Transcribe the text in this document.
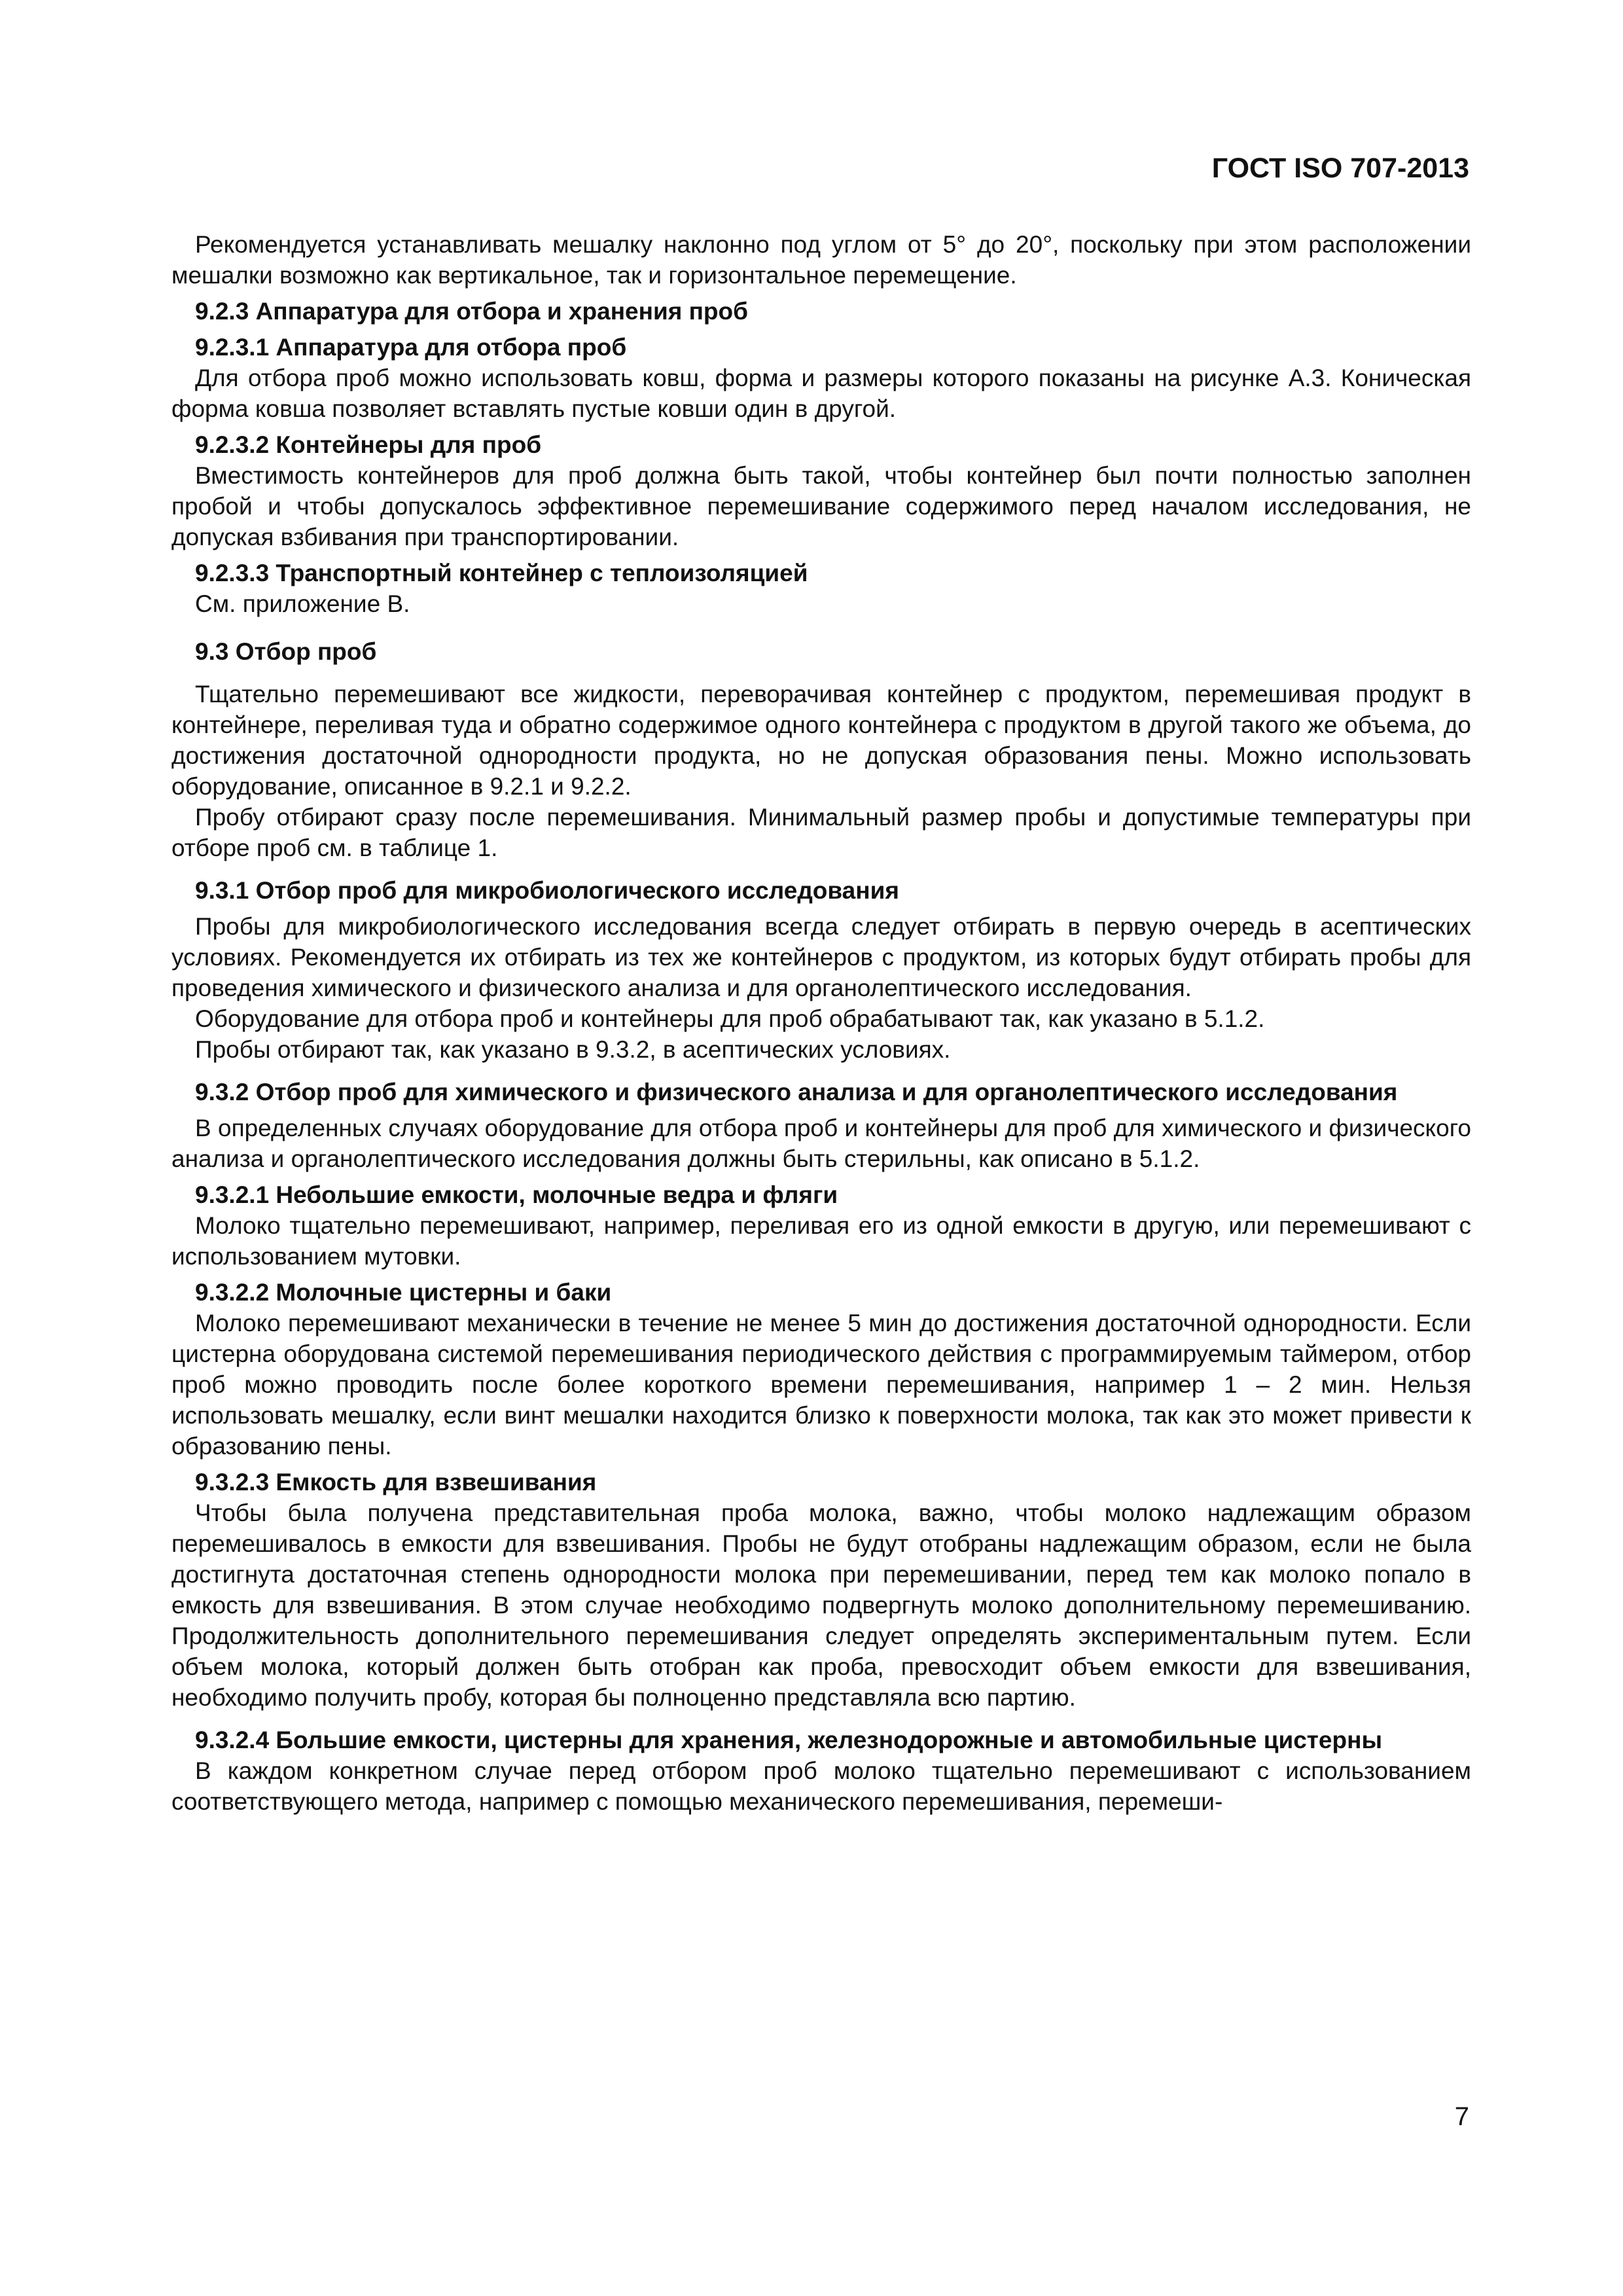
ГОСТ ISO 707-2013

Рекомендуется устанавливать мешалку наклонно под углом от 5° до 20°, поскольку при этом расположении мешалки возможно как вертикальное, так и горизонтальное перемещение.

9.2.3 Аппаратура для отбора и хранения проб

9.2.3.1 Аппаратура для отбора проб

Для отбора проб можно использовать ковш, форма и размеры которого показаны на рисунке А.3. Коническая форма ковша позволяет вставлять пустые ковши один в другой.

9.2.3.2 Контейнеры для проб

Вместимость контейнеров для проб должна быть такой, чтобы контейнер был почти полностью заполнен пробой и чтобы допускалось эффективное перемешивание содержимого перед началом исследования, не допуская взбивания при транспортировании.

9.2.3.3 Транспортный контейнер с теплоизоляцией

См. приложение В.

9.3 Отбор проб

Тщательно перемешивают все жидкости, переворачивая контейнер с продуктом, перемешивая продукт в контейнере, переливая туда и обратно содержимое одного контейнера с продуктом в другой такого же объема, до достижения достаточной однородности продукта, но не допуская образования пены. Можно использовать оборудование, описанное в 9.2.1 и 9.2.2.

Пробу отбирают сразу после перемешивания. Минимальный размер пробы и допустимые температуры при отборе проб см. в таблице 1.

9.3.1 Отбор проб для микробиологического исследования

Пробы для микробиологического исследования всегда следует отбирать в первую очередь в асептических условиях. Рекомендуется их отбирать из тех же контейнеров с продуктом, из которых будут отбирать пробы для проведения химического и физического анализа и для органолептического исследования.

Оборудование для отбора проб и контейнеры для проб обрабатывают так, как указано в 5.1.2.

Пробы отбирают так, как указано в 9.3.2, в асептических условиях.

9.3.2 Отбор проб для химического и физического анализа и для органолептического исследования

В определенных случаях оборудование для отбора проб и контейнеры для проб для химического и физического анализа и органолептического исследования должны быть стерильны, как описано в 5.1.2.

9.3.2.1 Небольшие емкости, молочные ведра и фляги

Молоко тщательно перемешивают, например, переливая его из одной емкости в другую, или перемешивают с использованием мутовки.

9.3.2.2 Молочные цистерны и баки

Молоко перемешивают механически в течение не менее 5 мин до достижения достаточной однородности. Если цистерна оборудована системой перемешивания периодического действия с программируемым таймером, отбор проб можно проводить после более короткого времени перемешивания, например 1 – 2 мин. Нельзя использовать мешалку, если винт мешалки находится близко к поверхности молока, так как это может привести к образованию пены.

9.3.2.3 Емкость для взвешивания

Чтобы была получена представительная проба молока, важно, чтобы молоко надлежащим образом перемешивалось в емкости для взвешивания. Пробы не будут отобраны надлежащим образом, если не была достигнута достаточная степень однородности молока при перемешивании, перед тем как молоко попало в емкость для взвешивания. В этом случае необходимо подвергнуть молоко дополнительному перемешиванию. Продолжительность дополнительного перемешивания следует определять экспериментальным путем. Если объем молока, который должен быть отобран как проба, превосходит объем емкости для взвешивания, необходимо получить пробу, которая бы полноценно представляла всю партию.

9.3.2.4 Большие емкости, цистерны для хранения, железнодорожные и автомобильные цистерны

В каждом конкретном случае перед отбором проб молоко тщательно перемешивают с использованием соответствующего метода, например с помощью механического перемешивания, перемеши-

7
